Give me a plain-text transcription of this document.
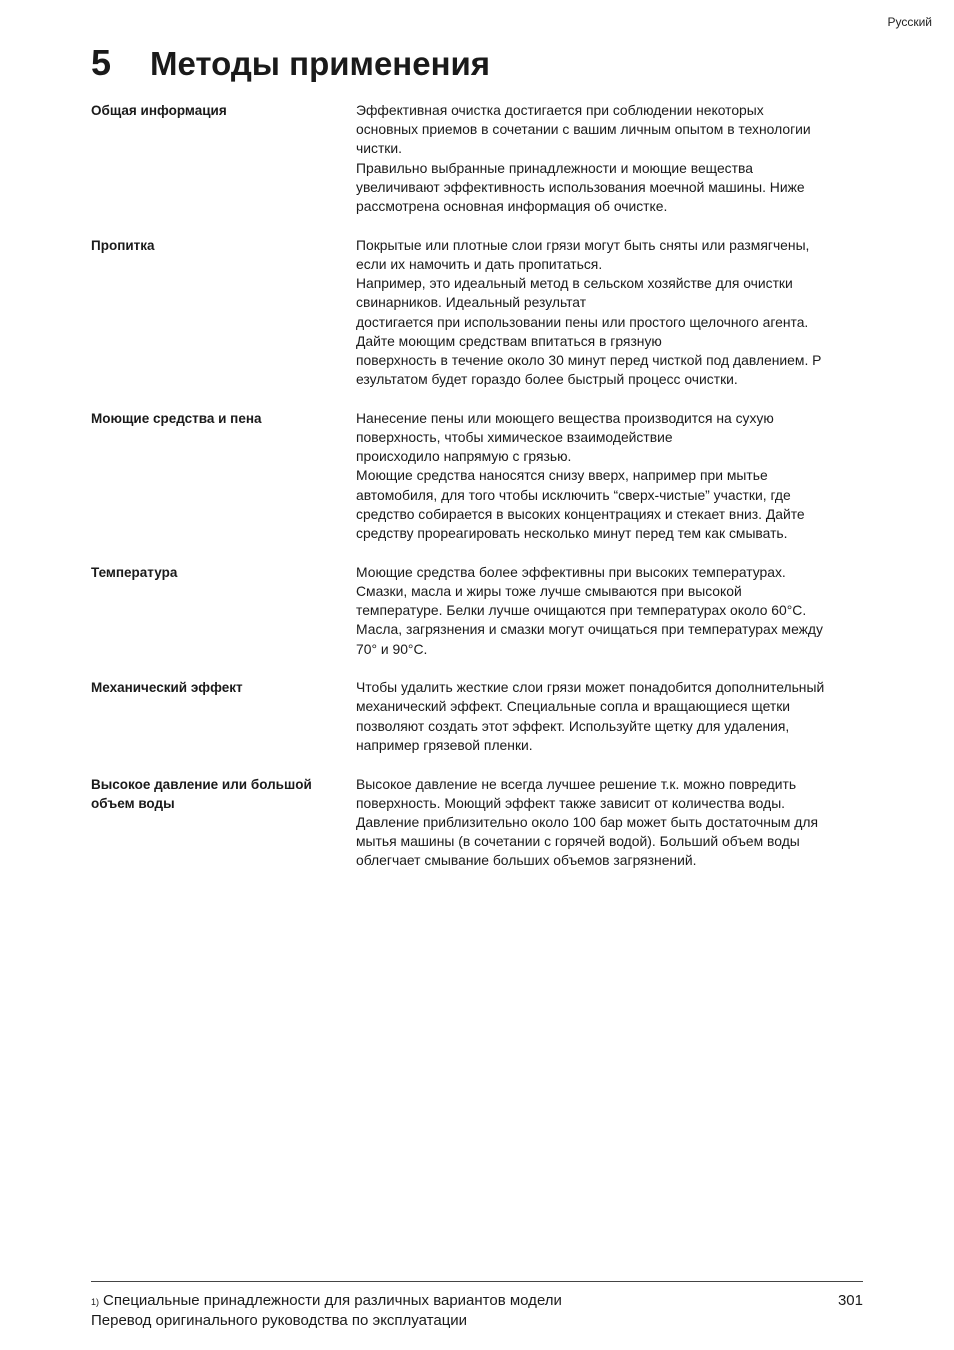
Русский
5	Методы применения
Общая информация	Эффективная очистка достигается при соблюдении некоторых
основных приемов в сочетании с вашим личным опытом в технологии
чистки.
Правильно выбранные принадлежности и моющие вещества
увеличивают эффективность использования моечной машины. Ниже
рассмотрена основная информация об очистке.
Пропитка	Покрытые или плотные слои грязи могут быть сняты или размягчены,
если их намочить и дать пропитаться.
Например, это идеальный метод в сельском хозяйстве для очистки
свинарников. Идеальный результат
достигается при использовании пены или простого щелочного агента.
Дайте моющим средствам впитаться в грязную
поверхность в течение около 30 минут перед чисткой под давлением. Р
езультатом будет гораздо более быстрый процесс очистки.
Моющие средства и пена	Нанесение пены или моющего вещества производится на сухую
поверхность, чтобы химическое взаимодействие
происходило напрямую с грязью.
Моющие средства наносятся снизу вверх, например при мытье
автомобиля, для того чтобы исключить “сверх-чистые” участки, где
средство собирается в высоких концентрациях и стекает вниз. Дайте
средству прореагировать несколько минут перед тем как смывать.
Температура	Моющие средства более эффективны при высоких температурах.
Смазки, масла и жиры тоже лучше смываются при высокой
температуре. Белки лучше очищаются при температурах около 60°C.
Масла, загрязнения и смазки могут очищаться при температурах между
70° и 90°C.
Механический эффект	Чтобы удалить жесткие слои грязи может понадобится дополнительный
механический эффект. Специальные сопла и вращающиеся щетки
позволяют создать этот эффект. Используйте щетку для удаления,
например грязевой пленки.
Высокое давление или большой объем воды
Высокое давление не всегда лучшее решение т.к. можно повредить
поверхность. Моющий эффект также зависит от количества воды.
Давление приблизительно около 100 бар может быть достаточным для
мытья машины (в сочетании с горячей водой). Больший объем воды
облегчает смывание больших объемов загрязнений.
$^{1)}$ Специальные принадлежности для различных вариантов модели	301
Перевод оригинального руководства по эксплуатации
